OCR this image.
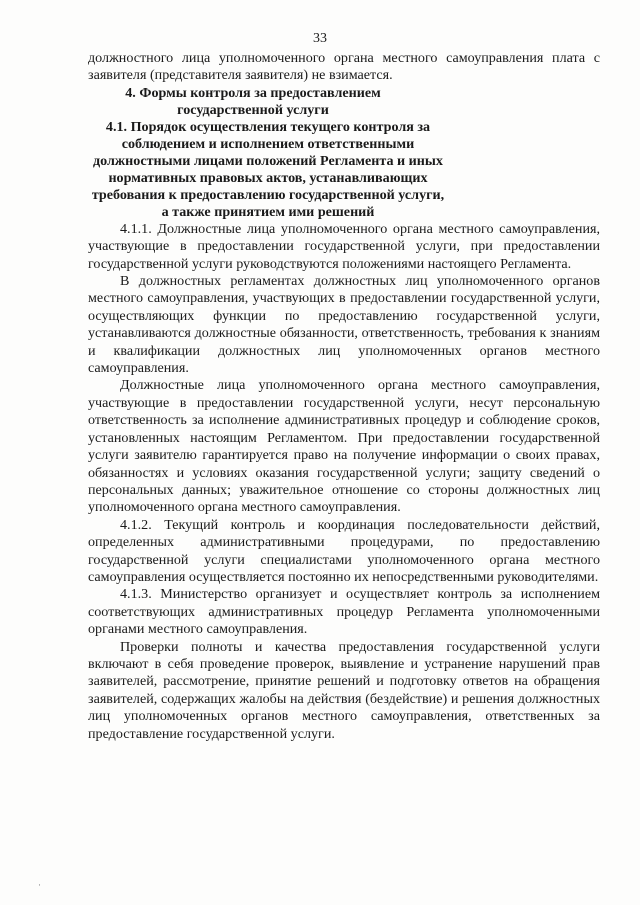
33

должностного лица уполномоченного органа местного самоуправления плата с заявителя (представителя заявителя) не взимается.

4. Формы контроля за предоставлением государственной услуги

4.1. Порядок осуществления текущего контроля за соблюдением и исполнением ответственными должностными лицами положений Регламента и иных нормативных правовых актов, устанавливающих требования к предоставлению государственной услуги, а также принятием ими решений

4.1.1. Должностные лица уполномоченного органа местного самоуправления, участвующие в предоставлении государственной услуги, при предоставлении государственной услуги руководствуются положениями настоящего Регламента.

В должностных регламентах должностных лиц уполномоченного органов местного самоуправления, участвующих в предоставлении государственной услуги, осуществляющих функции по предоставлению государственной услуги, устанавливаются должностные обязанности, ответственность, требования к знаниям и квалификации должностных лиц уполномоченных органов местного самоуправления.

Должностные лица уполномоченного органа местного самоуправления, участвующие в предоставлении государственной услуги, несут персональную ответственность за исполнение административных процедур и соблюдение сроков, установленных настоящим Регламентом. При предоставлении государственной услуги заявителю гарантируется право на получение информации о своих правах, обязанностях и условиях оказания государственной услуги; защиту сведений о персональных данных; уважительное отношение со стороны должностных лиц уполномоченного органа местного самоуправления.

4.1.2. Текущий контроль и координация последовательности действий, определенных административными процедурами, по предоставлению государственной услуги специалистами уполномоченного органа местного самоуправления осуществляется постоянно их непосредственными руководителями.

4.1.3. Министерство организует и осуществляет контроль за исполнением соответствующих административных процедур Регламента уполномоченными органами местного самоуправления.

Проверки полноты и качества предоставления государственной услуги включают в себя проведение проверок, выявление и устранение нарушений прав заявителей, рассмотрение, принятие решений и подготовку ответов на обращения заявителей, содержащих жалобы на действия (бездействие) и решения должностных лиц уполномоченных органов местного самоуправления, ответственных за предоставление государственной услуги.

·
